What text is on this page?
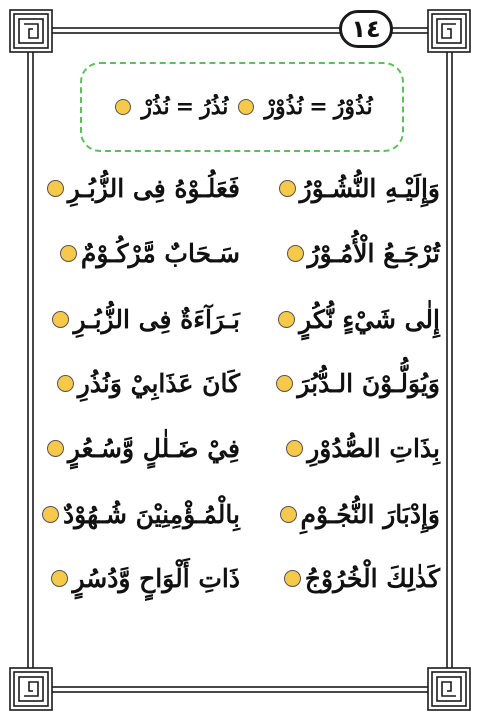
١٤
نُذُوْرُ
=
نُذُوْرْ
نُذُرُ
=
نُذُرْ
وَإِلَيْـهِ النُّشُـوْرُ
فَعَلُـوْهُ فِى الزُّبُـرِ
تُرْجَـعُ الْأُمُـوْرُ
سَـحَابٌ مَّرْكُـوْمٌ
إِلٰى شَيْءٍ نُّكُرٍ
بَـرَآءَةٌ فِى الزُّبُـرِ
وَيُوَلُّـوْنَ الـدُّبُرَ
كَانَ عَذَابِيْ وَنُذُرِ
بِذَاتِ الصُّدُوْرِ
فِيْ ضَـلٰلٍ وَّسُـعُرٍ
وَإِدْبَارَ النُّجُـوْمِ
بِالْمُـؤْمِنِيْنَ شُـهُوْدٌ
كَذٰلِكَ الْخُرُوْجُ
ذَاتِ أَلْوَاحٍ وَّدُسُرٍ
